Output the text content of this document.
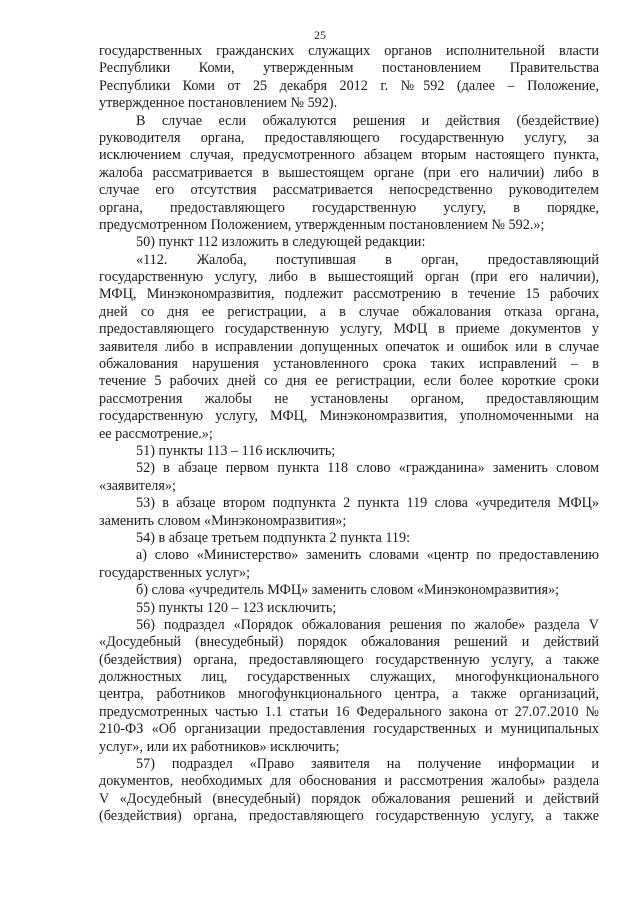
25
государственных гражданских служащих органов исполнительной власти
Республики Коми, утвержденным постановлением Правительства
Республики Коми от 25 декабря 2012 г. №592 (далее – Положение,
утвержденное постановлением № 592).
В случае если обжалуются решения и действия (бездействие)
руководителя органа, предоставляющего государственную услугу, за
исключением случая, предусмотренного абзацем вторым настоящего пункта,
жалоба рассматривается в вышестоящем органе (при его наличии) либо в
случае его отсутствия рассматривается непосредственно руководителем
органа, предоставляющего государственную услугу, в порядке,
предусмотренном Положением, утвержденным постановлением № 592.»;
50) пункт 112 изложить в следующей редакции:
«112. Жалоба, поступившая в орган, предоставляющий
государственную услугу, либо в вышестоящий орган (при его наличии),
МФЦ, Минэкономразвития, подлежит рассмотрению в течение 15 рабочих
дней со дня ее регистрации, а в случае обжалования отказа органа,
предоставляющего государственную услугу, МФЦ в приеме документов у
заявителя либо в исправлении допущенных опечаток и ошибок или в случае
обжалования нарушения установленного срока таких исправлений – в
течение 5 рабочих дней со дня ее регистрации, если более короткие сроки
рассмотрения жалобы не установлены органом, предоставляющим
государственную услугу, МФЦ, Минэкономразвития, уполномоченными на
ее рассмотрение.»;
51) пункты 113 – 116 исключить;
52) в абзаце первом пункта 118 слово «гражданина» заменить словом
«заявителя»;
53) в абзаце втором подпункта 2 пункта 119 слова «учредителя МФЦ»
заменить словом «Минэкономразвития»;
54) в абзаце третьем подпункта 2 пункта 119:
а) слово «Министерство» заменить словами «центр по предоставлению
государственных услуг»;
б) слова «учредитель МФЦ» заменить словом «Минэкономразвития»;
55) пункты 120 – 123 исключить;
56) подраздел «Порядок обжалования решения по жалобе» раздела V
«Досудебный (внесудебный) порядок обжалования решений и действий
(бездействия) органа, предоставляющего государственную услугу, а также
должностных лиц, государственных служащих, многофункционального
центра, работников многофункционального центра, а также организаций,
предусмотренных частью 1.1 статьи 16 Федерального закона от 27.07.2010 №
210-ФЗ «Об организации предоставления государственных и муниципальных
услуг», или их работников» исключить;
57) подраздел «Право заявителя на получение информации и
документов, необходимых для обоснования и рассмотрения жалобы» раздела
V «Досудебный (внесудебный) порядок обжалования решений и действий
(бездействия) органа, предоставляющего государственную услугу, а также
